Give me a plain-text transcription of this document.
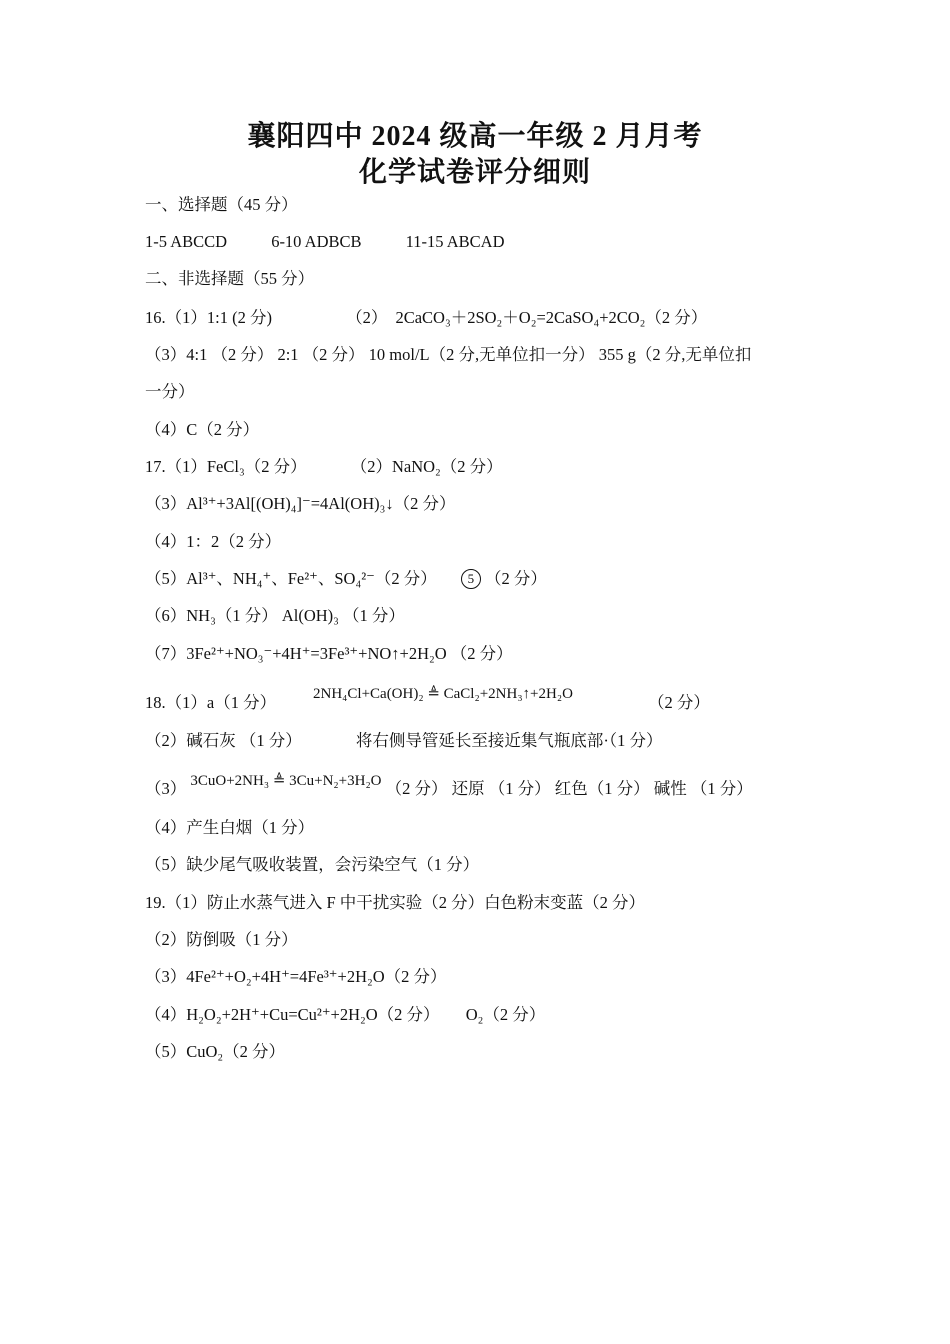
襄阳四中 2024 级高一年级 2 月月考
化学试卷评分细则
一、选择题（45 分）
1-5 ABCCD	6-10 ADBCB	11-15 ABCAD
二、非选择题（55 分）
16.（1）1:1 (2 分)	（2） 2CaCO₃＋2SO₂＋O₂=2CaSO₄+2CO₂（2 分）
（3）4:1 （2 分） 2:1 （2 分） 10 mol/L（2 分,无单位扣一分） 355 g（2 分,无单位扣
一分）
（4）C（2 分）
17.（1）FeCl₃（2 分）	（2）NaNO₂（2 分）
（3）Al³⁺+3Al[(OH)₄]⁻=4Al(OH)₃↓（2 分）
（4）1：2（2 分）
（5）Al³⁺、NH₄⁺、Fe²⁺、SO₄²⁻（2 分） 5 （2 分）
（6）NH₃（1 分） Al(OH)₃ （1 分）
（7）3Fe²⁺+NO₃⁻+4H⁺=3Fe³⁺+NO↑+2H₂O （2 分）
18.（1）a（1 分） 2NH₄Cl+Ca(OH)₂ ≜ CaCl₂+2NH₃↑+2H₂O	（2 分）
（2）碱石灰 （1 分）	将右侧导管延长至接近集气瓶底部·（1 分）
（3） 3CuO+2NH₃ ≜ 3Cu+N₂+3H₂O （2 分） 还原 （1 分） 红色（1 分） 碱性 （1 分）
（4）产生白烟（1 分）
（5）缺少尾气吸收装置，会污染空气（1 分）
19.（1）防止水蒸气进入 F 中干扰实验（2 分）白色粉末变蓝（2 分）
（2）防倒吸（1 分）
（3）4Fe²⁺+O₂+4H⁺=4Fe³⁺+2H₂O（2 分）
（4）H₂O₂+2H⁺+Cu=Cu²⁺+2H₂O（2 分） O₂（2 分）
（5）CuO₂（2 分）
